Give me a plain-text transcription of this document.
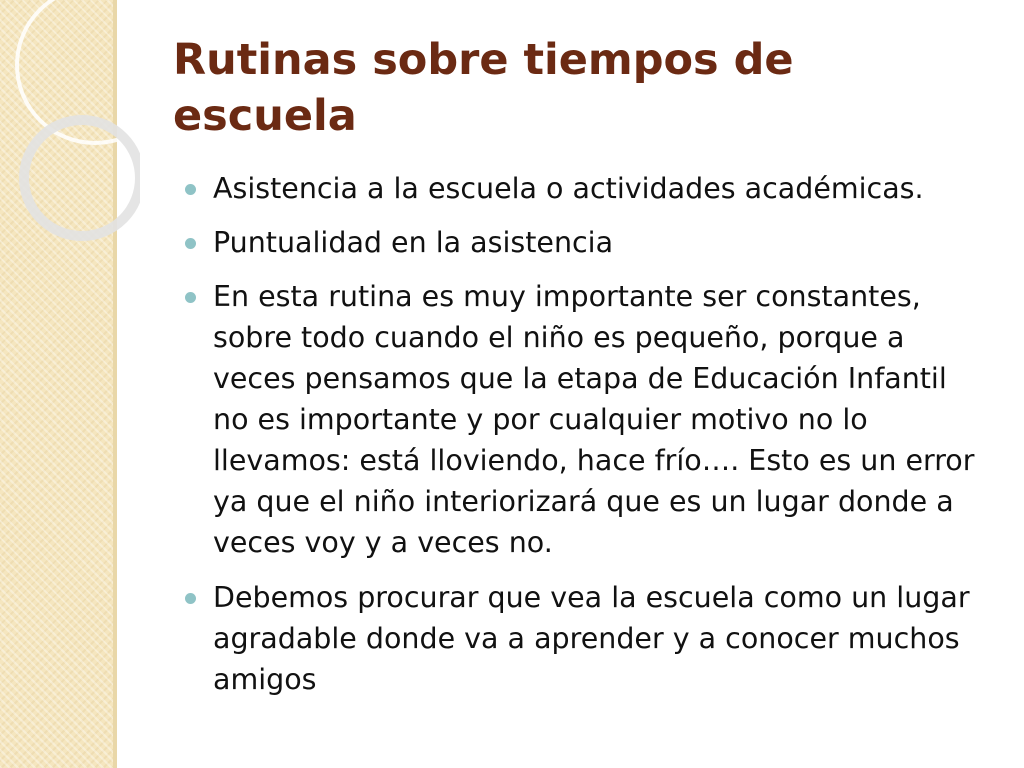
Rutinas sobre tiempos de escuela
Asistencia a la escuela o actividades académicas.
Puntualidad en la asistencia
En esta rutina es muy importante ser constantes, sobre todo cuando el niño es pequeño, porque a veces pensamos que la etapa de Educación Infantil no es importante y por cualquier motivo no lo llevamos: está lloviendo, hace frío…. Esto es un error ya que el niño interiorizará que es un lugar donde a veces voy y a veces no.
Debemos procurar que vea la escuela como un lugar agradable donde va a aprender y a conocer muchos amigos
